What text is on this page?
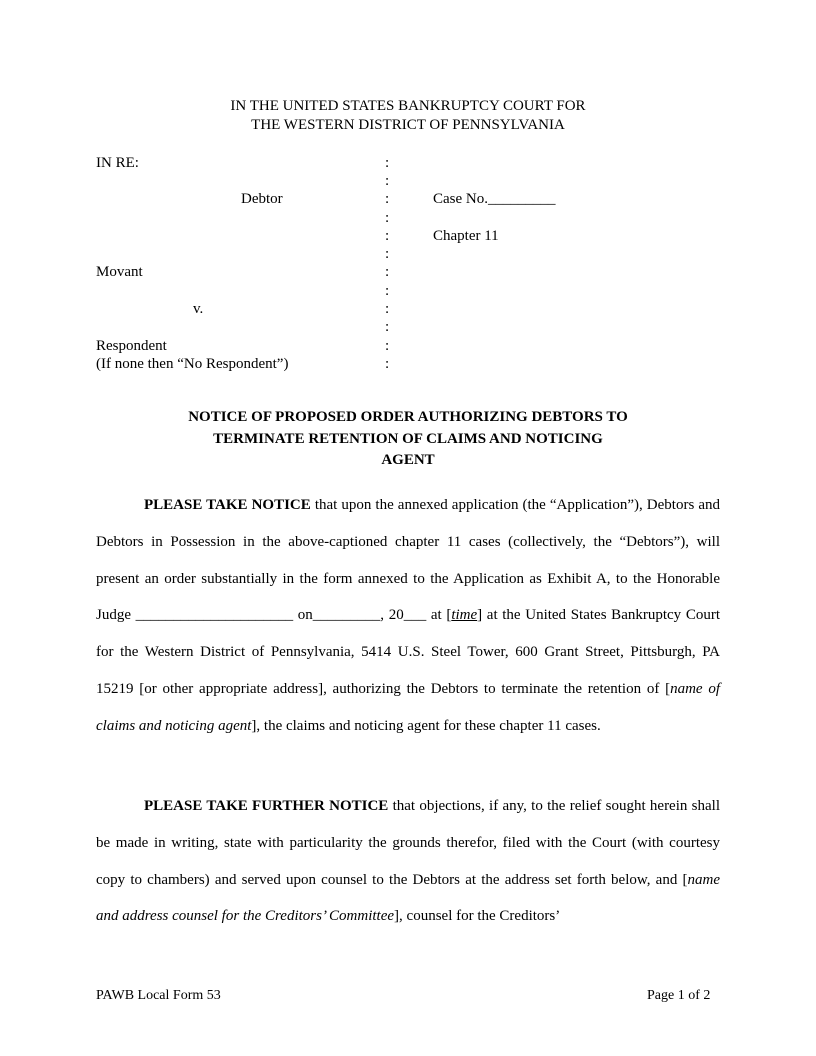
IN THE UNITED STATES BANKRUPTCY COURT FOR
THE WESTERN DISTRICT OF PENNSYLVANIA
IN RE:
Debtor	Case No._________
Chapter 11
Movant
v.
Respondent
(If none then “No Respondent”)
:
:
:
:
:
:
:
:
:
:
:
:
NOTICE OF PROPOSED ORDER AUTHORIZING DEBTORS TO
TERMINATE RETENTION OF CLAIMS AND NOTICING
AGENT

PLEASE TAKE NOTICE that upon the annexed application (the “Application”), Debtors and Debtors in Possession in the above-captioned chapter 11 cases (collectively, the “Debtors”), will present an order substantially in the form annexed to the Application as Exhibit A, to the Honorable Judge _____________________ on_________, 20___ at [time] at the United States Bankruptcy Court for the Western District of Pennsylvania, 5414 U.S. Steel Tower, 600 Grant Street, Pittsburgh, PA 15219 [or other appropriate address], authorizing the Debtors to terminate the retention of [name of claims and noticing agent], the claims and noticing agent for these chapter 11 cases.

PLEASE TAKE FURTHER NOTICE that objections, if any, to the relief sought herein shall be made in writing, state with particularity the grounds therefor, filed with the Court (with courtesy copy to chambers) and served upon counsel to the Debtors at the address set forth below, and [name and address counsel for the Creditors’ Committee], counsel for the Creditors’

PAWB Local Form 53	Page 1 of 2
